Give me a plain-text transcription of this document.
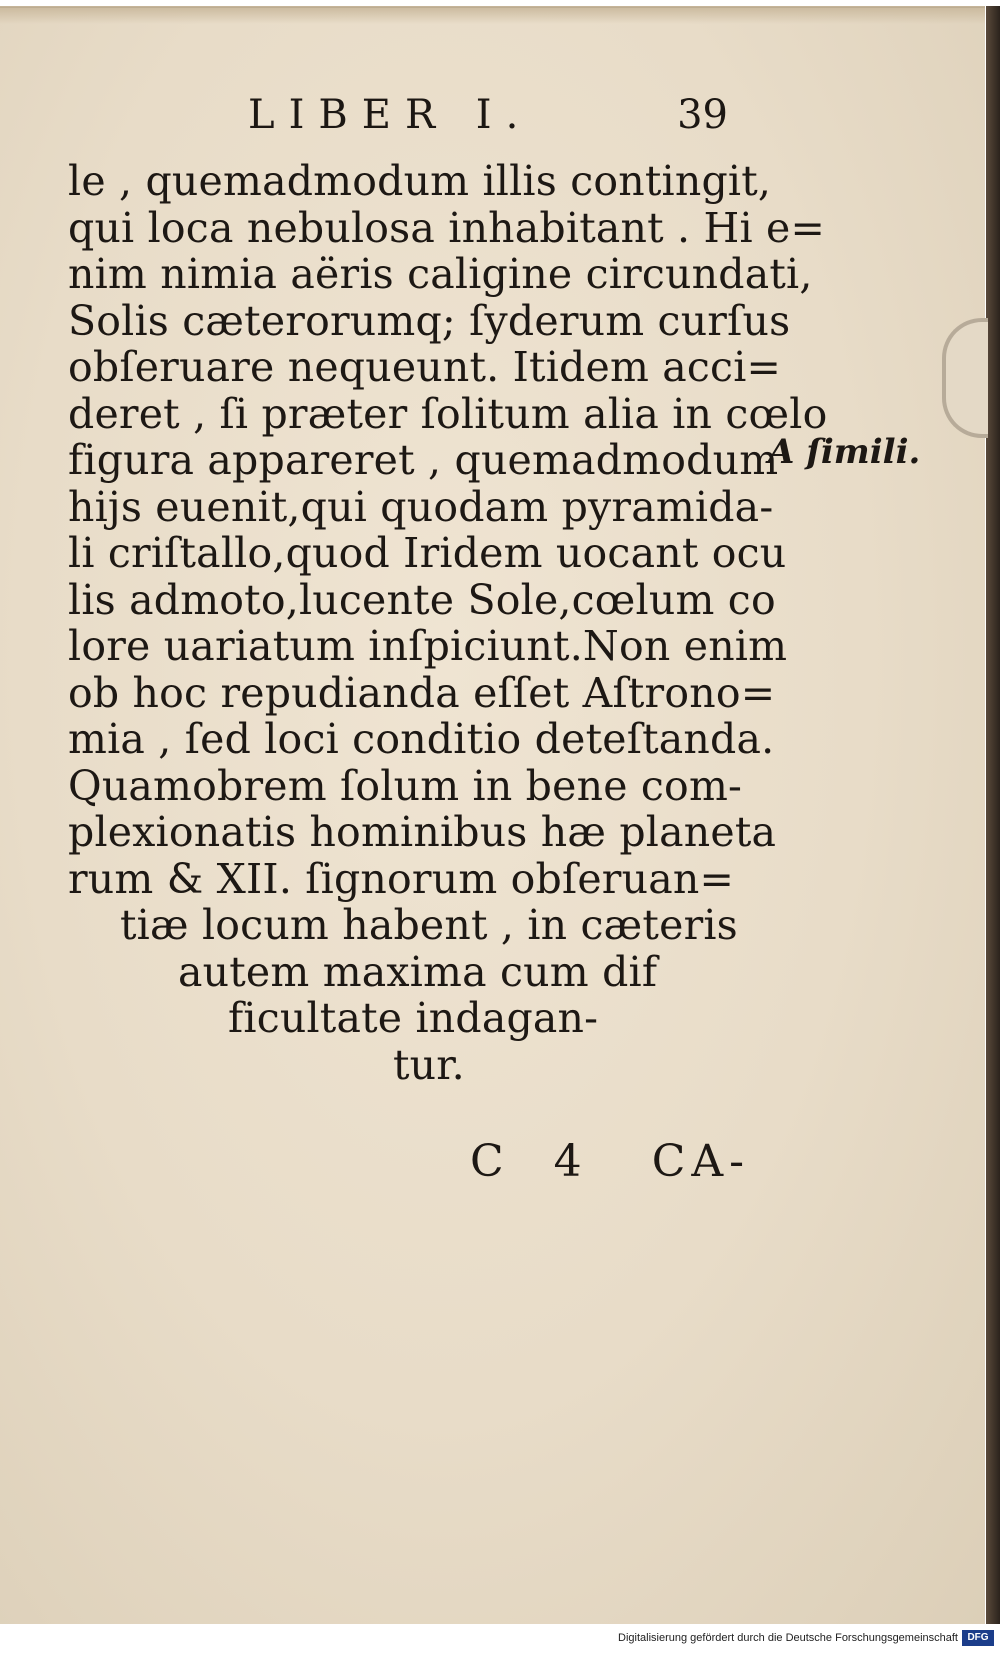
LIBER I.	39
le , quemadmodum illis contingit,
qui loca nebulosa inhabitant . Hi e=
nim nimia aëris caligine circundati,
Solis cæterorumq; ſyderum curſus
obſeruare nequeunt. Itidem acci=
deret , ſi præter ſolitum alia in cœlo
figura appareret , quemadmodum
hijs euenit,qui quodam pyramida-
li criſtallo,quod Iridem uocant ocu
lis admoto,lucente Sole,cœlum co
lore uariatum inſpiciunt.Non enim
ob hoc repudianda eſſet Aſtrono=
mia , ſed loci conditio deteſtanda.
Quamobrem ſolum in bene com-
plexionatis hominibus hæ planeta
rum & XII. ſignorum obſeruan=
tiæ locum habent , in cæteris
autem maxima cum dif
ficultate indagan-
tur.
A ſimili.
C 4 CA-
Digitalisierung gefördert durch die Deutsche Forschungsgemeinschaft DFG
